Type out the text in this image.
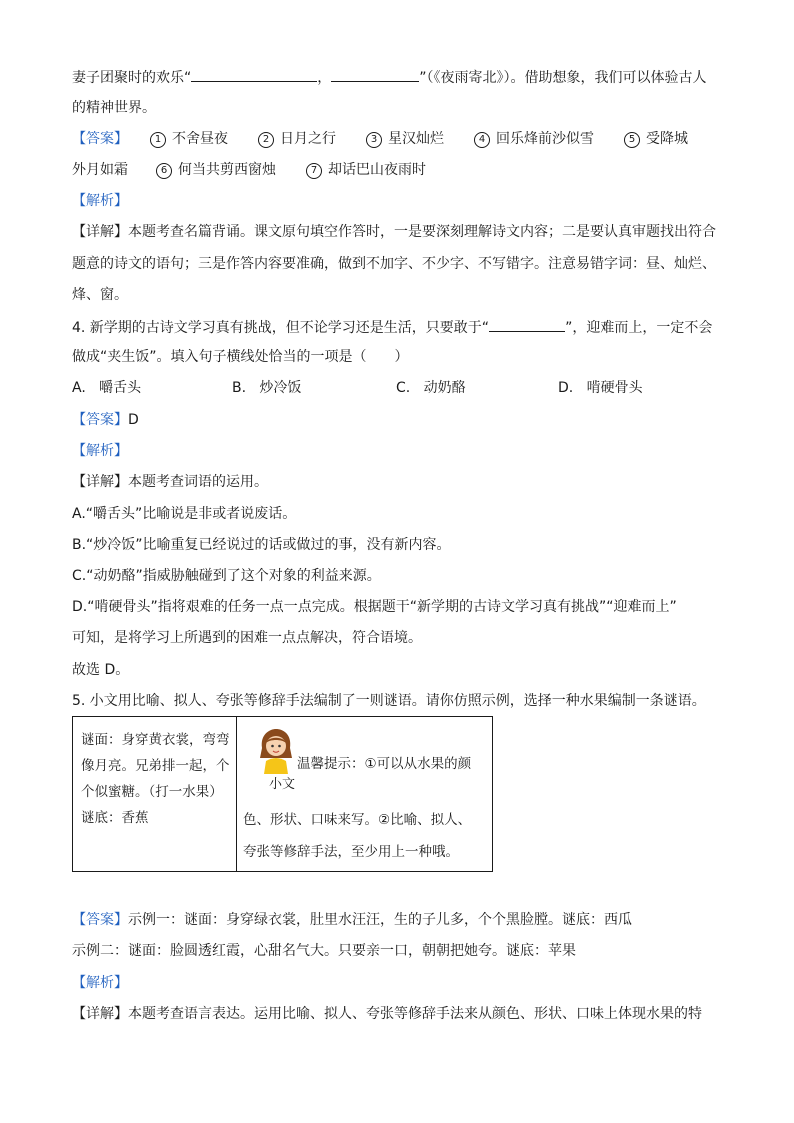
妻子团聚时的欢乐“	，	”（《夜雨寄北》）。借助想象，我们可以体验古人
的精神世界。
【答案】	1 不舍昼夜	2 日月之行	3 星汉灿烂	4 回乐烽前沙似雪	5 受降城
外月如霜	6 何当共剪西窗烛	7 却话巴山夜雨时
【解析】
【详解】本题考查名篇背诵。课文原句填空作答时，一是要深刻理解诗文内容；二是要认真审题找出符合
题意的诗文的语句；三是作答内容要准确，做到不加字、不少字、不写错字。注意易错字词：昼、灿烂、
烽、窗。
4. 新学期的古诗文学习真有挑战，但不论学习还是生活，只要敢于“	”，迎难而上，一定不会
做成“夹生饭”。填入句子横线处恰当的一项是（　　）
A. 嚼舌头	B. 炒冷饭	C. 动奶酪	D. 啃硬骨头
【答案】D
【解析】
【详解】本题考查词语的运用。
A.“嚼舌头”比喻说是非或者说废话。
B.“炒冷饭”比喻重复已经说过的话或做过的事，没有新内容。
C.“动奶酪”指威胁触碰到了这个对象的利益来源。
D.“啃硬骨头”指将艰难的任务一点一点完成。根据题干“新学期的古诗文学习真有挑战”“迎难而上”
可知，是将学习上所遇到的困难一点点解决，符合语境。
故选 D。
5. 小文用比喻、拟人、夸张等修辞手法编制了一则谜语。请你仿照示例，选择一种水果编制一条谜语。
谜面：身穿黄衣裳，弯弯
像月亮。兄弟排一起，个
个似蜜糖。（打一水果）
谜底：香蕉

温馨提示：①可以从水果的颜
小文
色、形状、口味来写。②比喻、拟人、
夸张等修辞手法，至少用上一种哦。
【答案】示例一：谜面：身穿绿衣裳，肚里水汪汪，生的子儿多，个个黑脸膛。谜底：西瓜
示例二：谜面：脸圆透红霞，心甜名气大。只要亲一口，朝朝把她夸。谜底：苹果
【解析】
【详解】本题考查语言表达。运用比喻、拟人、夸张等修辞手法来从颜色、形状、口味上体现水果的特
